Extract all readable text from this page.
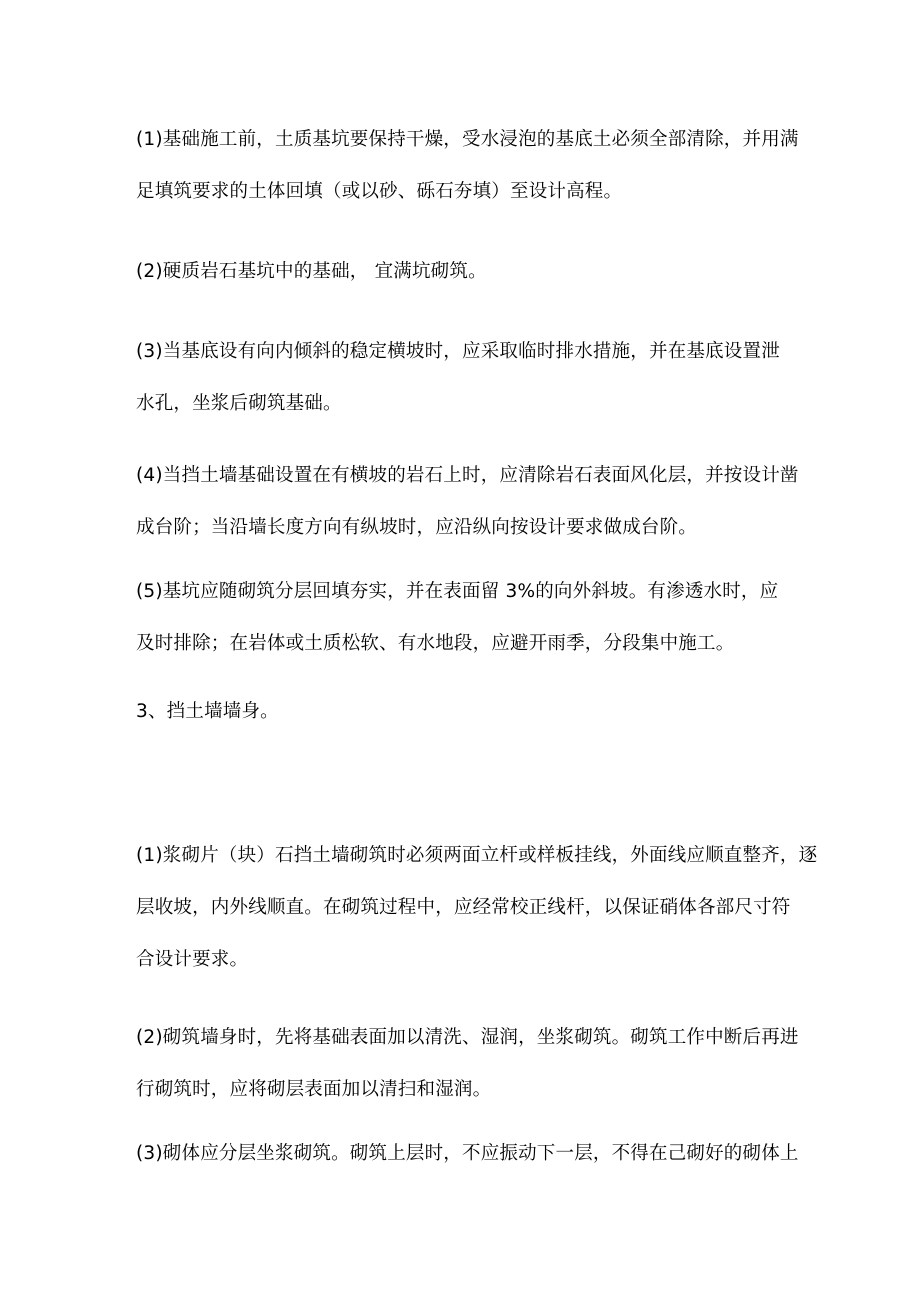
(1)基础施工前，土质基坑要保持干燥，受水浸泡的基底土必须全部清除，并用满
足填筑要求的土体回填（或以砂、砾石夯填）至设计高程。

(2)硬质岩石基坑中的基础， 宜满坑砌筑。

(3)当基底设有向内倾斜的稳定横坡时，应采取临时排水措施，并在基底设置泄
水孔，坐浆后砌筑基础。

(4)当挡土墙基础设置在有横坡的岩石上时，应清除岩石表面风化层，并按设计凿
成台阶；当沿墙长度方向有纵坡时，应沿纵向按设计要求做成台阶。

(5)基坑应随砌筑分层回填夯实，并在表面留 3%的向外斜坡。有渗透水时，应
及时排除；在岩体或土质松软、有水地段，应避开雨季，分段集中施工。

3、挡土墙墙身。

(1)浆砌片（块）石挡土墙砌筑时必须两面立杆或样板挂线，外面线应顺直整齐，逐
层收坡，内外线顺直。在砌筑过程中，应经常校正线杆，以保证硝体各部尺寸符
合设计要求。

(2)砌筑墙身时，先将基础表面加以清洗、湿润，坐浆砌筑。砌筑工作中断后再进
行砌筑时，应将砌层表面加以清扫和湿润。

(3)砌体应分层坐浆砌筑。砌筑上层时，不应振动下一层，不得在己砌好的砌体上
